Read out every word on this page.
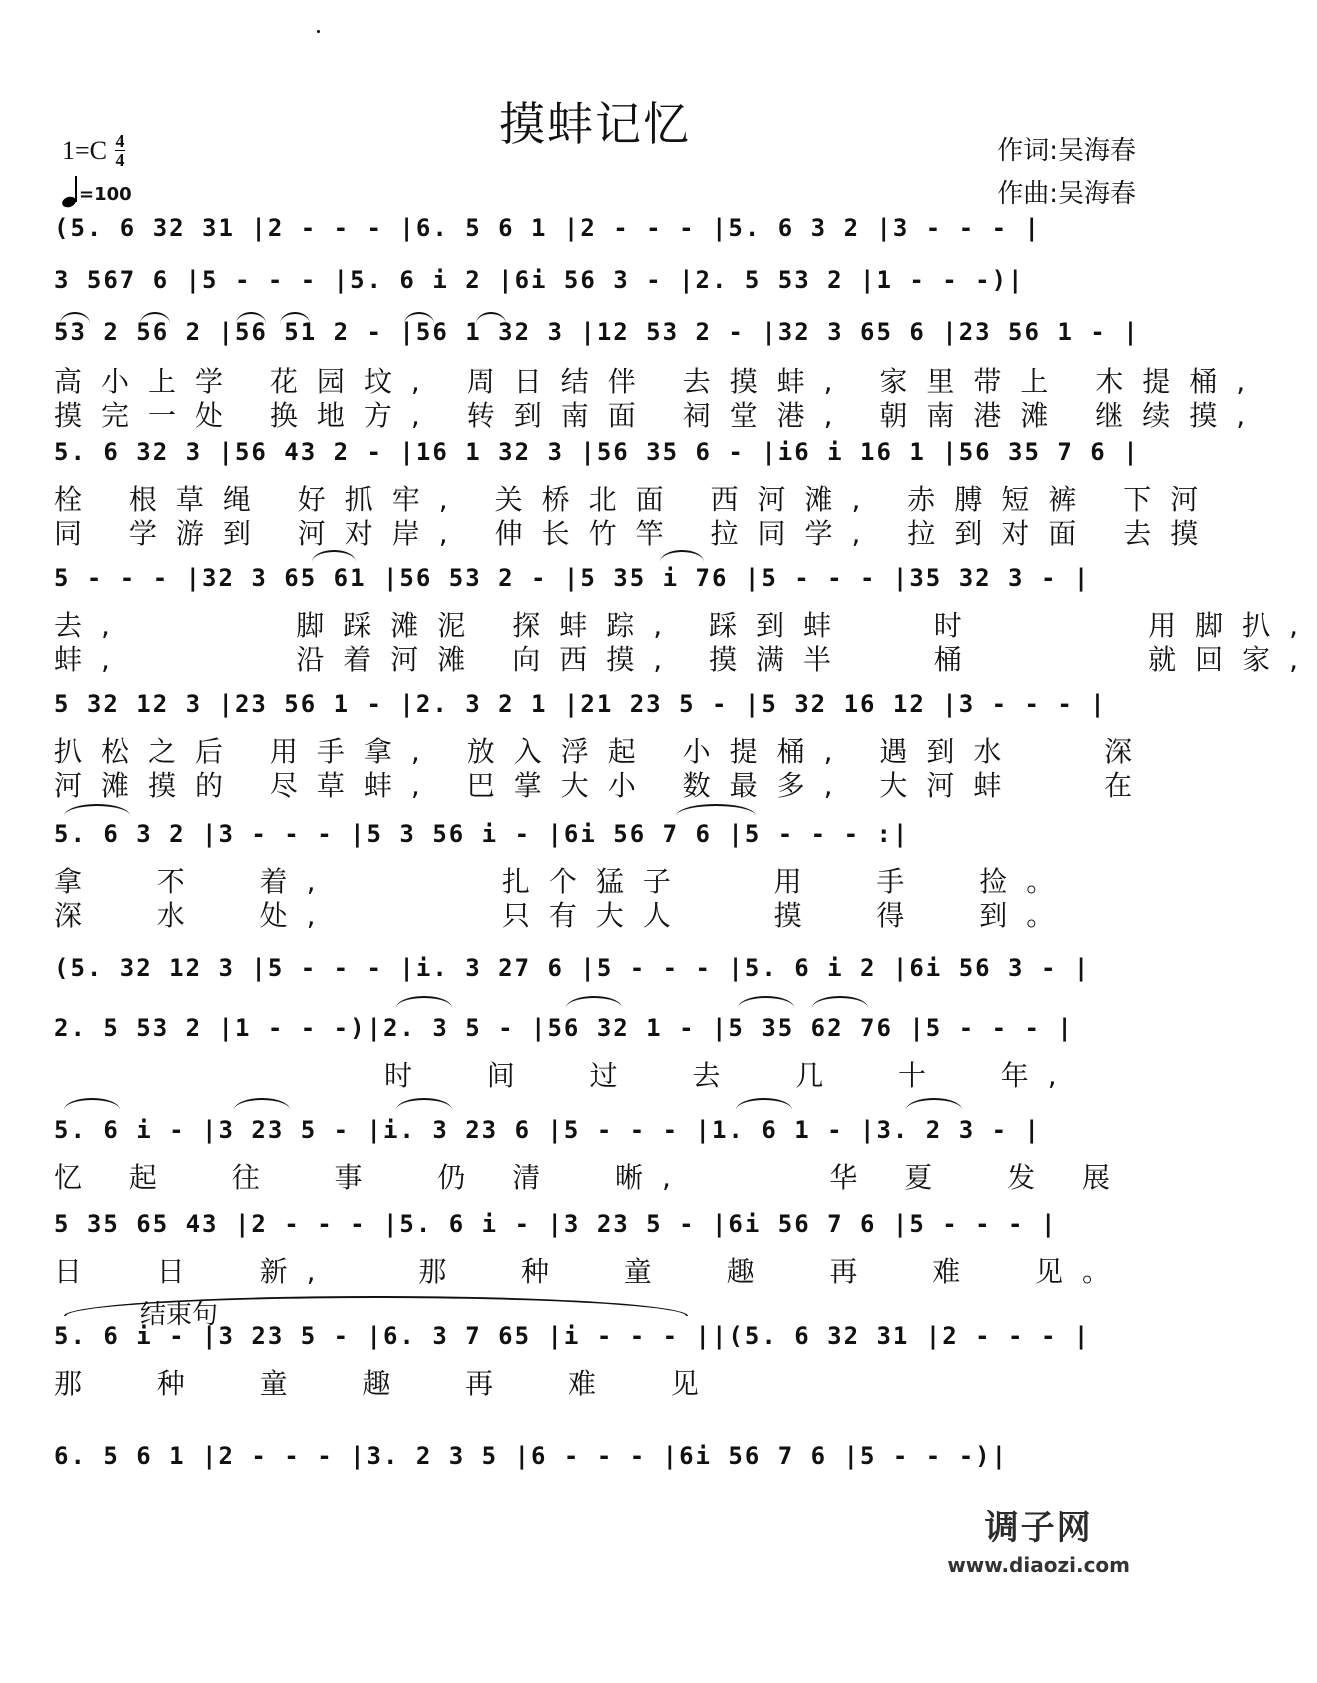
摸蚌记忆
1=C 4
4
=100
作词: 吴海春
作曲: 吴海春
(5. 6 32 31 |2 - - - |6. 5 6 1 |2 - - - |5. 6 3 2 |3 - - - |
3 567 6 |5 - - - |5. 6 i 2 |6i 56 3 - |2. 5 53 2 |1 - - -)|
53 2 56 2 |56 51 2 - |56 1 32 3 |12 53 2 - |32 3 65 6 |23 56 1 - |
高小上学 花园坟, 周日结伴 去摸蚌, 家里带上 木提桶,
摸完一处 换地方, 转到南面 祠堂港, 朝南港滩 继续摸,
5. 6 32 3 |56 43 2 - |16 1 32 3 |56 35 6 - |i6 i 16 1 |56 35 7 6 |
栓 根草绳 好抓牢, 关桥北面 西河滩, 赤膊短裤 下河
同 学游到 河对岸, 伸长竹竿 拉同学, 拉到对面 去摸
5 - - - |32 3 65 61 |56 53 2 - |5 35 i 76 |5 - - - |35 32 3 - |
去,      脚踩滩泥 探蚌踪, 踩到蚌   时      用脚扒,
蚌,      沿着河滩 向西摸, 摸满半   桶      就回家,
5 32 12 3 |23 56 1 - |2. 3 2 1 |21 23 5 - |5 32 16 12 |3 - - - |
扒松之后 用手拿, 放入浮起 小提桶, 遇到水   深
河滩摸的 尽草蚌, 巴掌大小 数最多, 大河蚌   在
5. 6 3 2 |3 - - - |5 3 56 i - |6i 56 7 6 |5 - - - :|
拿  不  着,      扎个猛子   用  手  捡。
深  水  处,      只有大人   摸  得  到。
(5. 32 12 3 |5 - - - |i. 3 27 6 |5 - - - |5. 6 i 2 |6i 56 3 - |
2. 5 53 2 |1 - - -)|2. 3 5 - |56 32 1 - |5 35 62 76 |5 - - - |
时  间  过  去  几  十  年,
5. 6 i - |3 23 5 - |i. 3 23 6 |5 - - - |1. 6 1 - |3. 2 3 - |
忆 起  往  事  仍 清  晰,     华 夏  发 展
5 35 65 43 |2 - - - |5. 6 i - |3 23 5 - |6i 56 7 6 |5 - - - |
日  日  新,   那  种  童  趣  再  难  见。
结束句
5. 6 i - |3 23 5 - |6. 3 7 65 |i - - - ||(5. 6 32 31 |2 - - - |
那  种  童  趣  再  难  见
6. 5 6 1 |2 - - - |3. 2 3 5 |6 - - - |6i 56 7 6 |5 - - -)|
调子网
www.diaozi.com
